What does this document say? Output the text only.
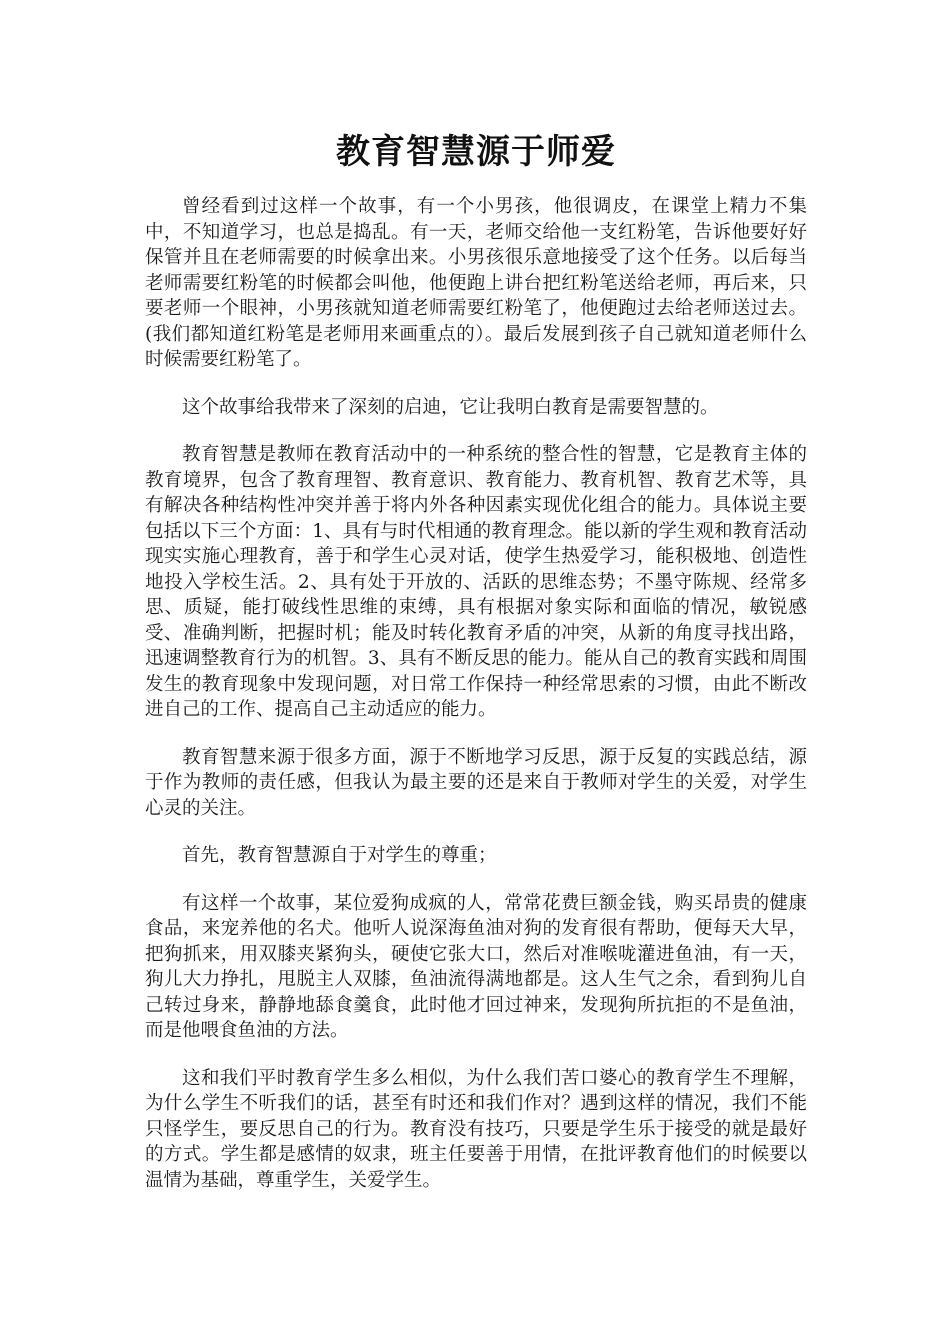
教育智慧源于师爱

曾经看到过这样一个故事，有一个小男孩，他很调皮，在课堂上精力不集中，不知道学习，也总是捣乱。有一天，老师交给他一支红粉笔，告诉他要好好保管并且在老师需要的时候拿出来。小男孩很乐意地接受了这个任务。以后每当老师需要红粉笔的时候都会叫他，他便跑上讲台把红粉笔送给老师，再后来，只要老师一个眼神，小男孩就知道老师需要红粉笔了，他便跑过去给老师送过去。(我们都知道红粉笔是老师用来画重点的）。最后发展到孩子自己就知道老师什么时候需要红粉笔了。

这个故事给我带来了深刻的启迪，它让我明白教育是需要智慧的。

教育智慧是教师在教育活动中的一种系统的整合性的智慧，它是教育主体的教育境界，包含了教育理智、教育意识、教育能力、教育机智、教育艺术等，具有解决各种结构性冲突并善于将内外各种因素实现优化组合的能力。具体说主要包括以下三个方面：1、具有与时代相通的教育理念。能以新的学生观和教育活动现实实施心理教育，善于和学生心灵对话，使学生热爱学习，能积极地、创造性地投入学校生活。2、具有处于开放的、活跃的思维态势；不墨守陈规、经常多思、质疑，能打破线性思维的束缚，具有根据对象实际和面临的情况，敏锐感受、准确判断，把握时机；能及时转化教育矛盾的冲突，从新的角度寻找出路，迅速调整教育行为的机智。3、具有不断反思的能力。能从自己的教育实践和周围发生的教育现象中发现问题，对日常工作保持一种经常思索的习惯，由此不断改进自己的工作、提高自己主动适应的能力。

教育智慧来源于很多方面，源于不断地学习反思，源于反复的实践总结，源于作为教师的责任感，但我认为最主要的还是来自于教师对学生的关爱，对学生心灵的关注。

首先，教育智慧源自于对学生的尊重；

有这样一个故事，某位爱狗成疯的人，常常花费巨额金钱，购买昂贵的健康食品，来宠养他的名犬。他听人说深海鱼油对狗的发育很有帮助，便每天大早，把狗抓来，用双膝夹紧狗头，硬使它张大口，然后对准喉咙灌进鱼油，有一天，狗儿大力挣扎，甩脱主人双膝，鱼油流得满地都是。这人生气之余，看到狗儿自己转过身来，静静地舔食羹食，此时他才回过神来，发现狗所抗拒的不是鱼油，而是他喂食鱼油的方法。

这和我们平时教育学生多么相似，为什么我们苦口婆心的教育学生不理解，为什么学生不听我们的话，甚至有时还和我们作对？遇到这样的情况，我们不能只怪学生，要反思自己的行为。教育没有技巧，只要是学生乐于接受的就是最好的方式。学生都是感情的奴隶，班主任要善于用情，在批评教育他们的时候要以温情为基础，尊重学生，关爱学生。
